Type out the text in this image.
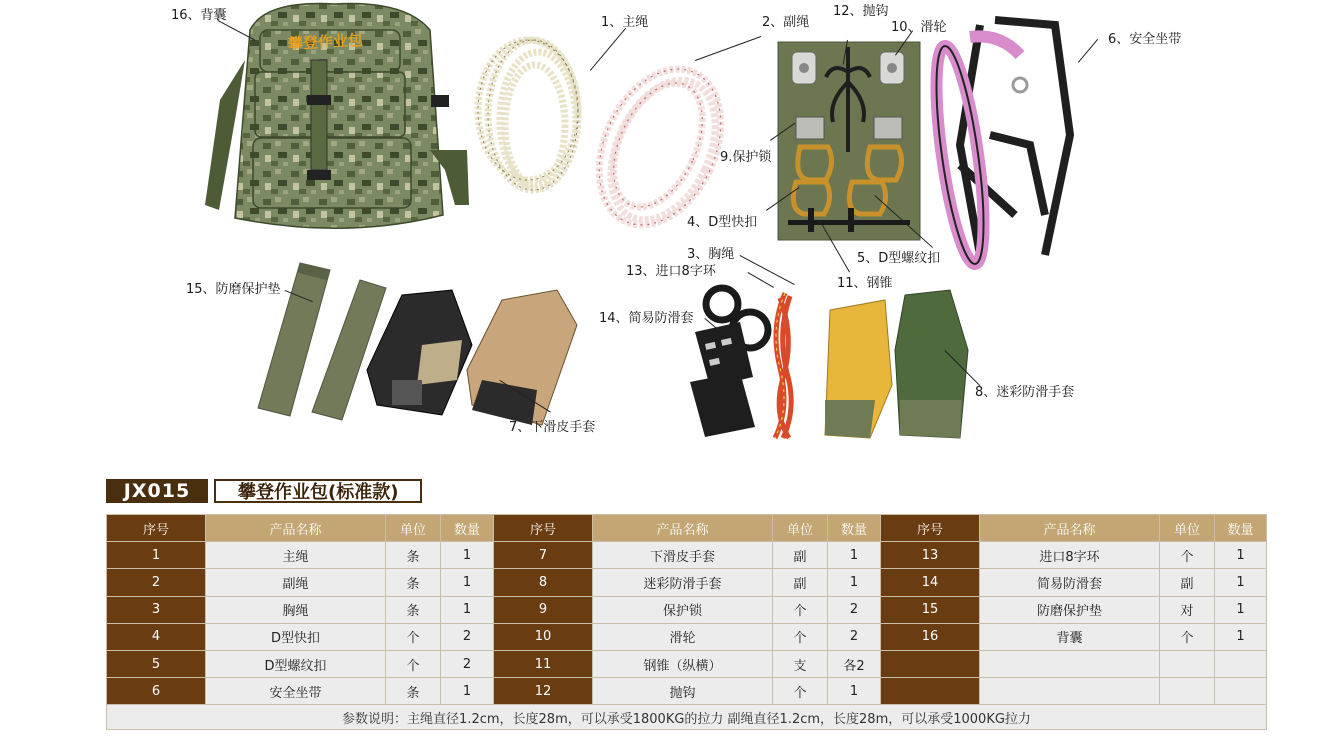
攀登作业包
16、背囊	1、主绳	2、副绳
12、抛钩
10、滑轮
6、安全坐带
9.保护锁
4、D型快扣
3、胸绳	5、D型螺纹扣
13、进口8字环
11、钢锥
15、防磨保护垫
14、简易防滑套
8、迷彩防滑手套
7、下滑皮手套
JX015	攀登作业包(标准款)
序号	产品名称	单位	数量	序号	产品名称	单位	数量	序号	产品名称	单位	数量
1	主绳	条	1	7	下滑皮手套	副	1	13	进口8字环	个	1
2	副绳	条	1	8	迷彩防滑手套	副	1	14	简易防滑套	副	1
3	胸绳	条	1	9	保护锁	个	2	15	防磨保护垫	对	1
4	D型快扣	个	2	10	滑轮	个	2	16	背囊	个	1
5	D型螺纹扣	个	2	11	钢锥（纵横）	支	各2				
6	安全坐带	条	1	12	抛钩	个	1				
参数说明：主绳直径1.2cm，长度28m，可以承受1800KG的拉力 副绳直径1.2cm，长度28m，可以承受1000KG拉力											
